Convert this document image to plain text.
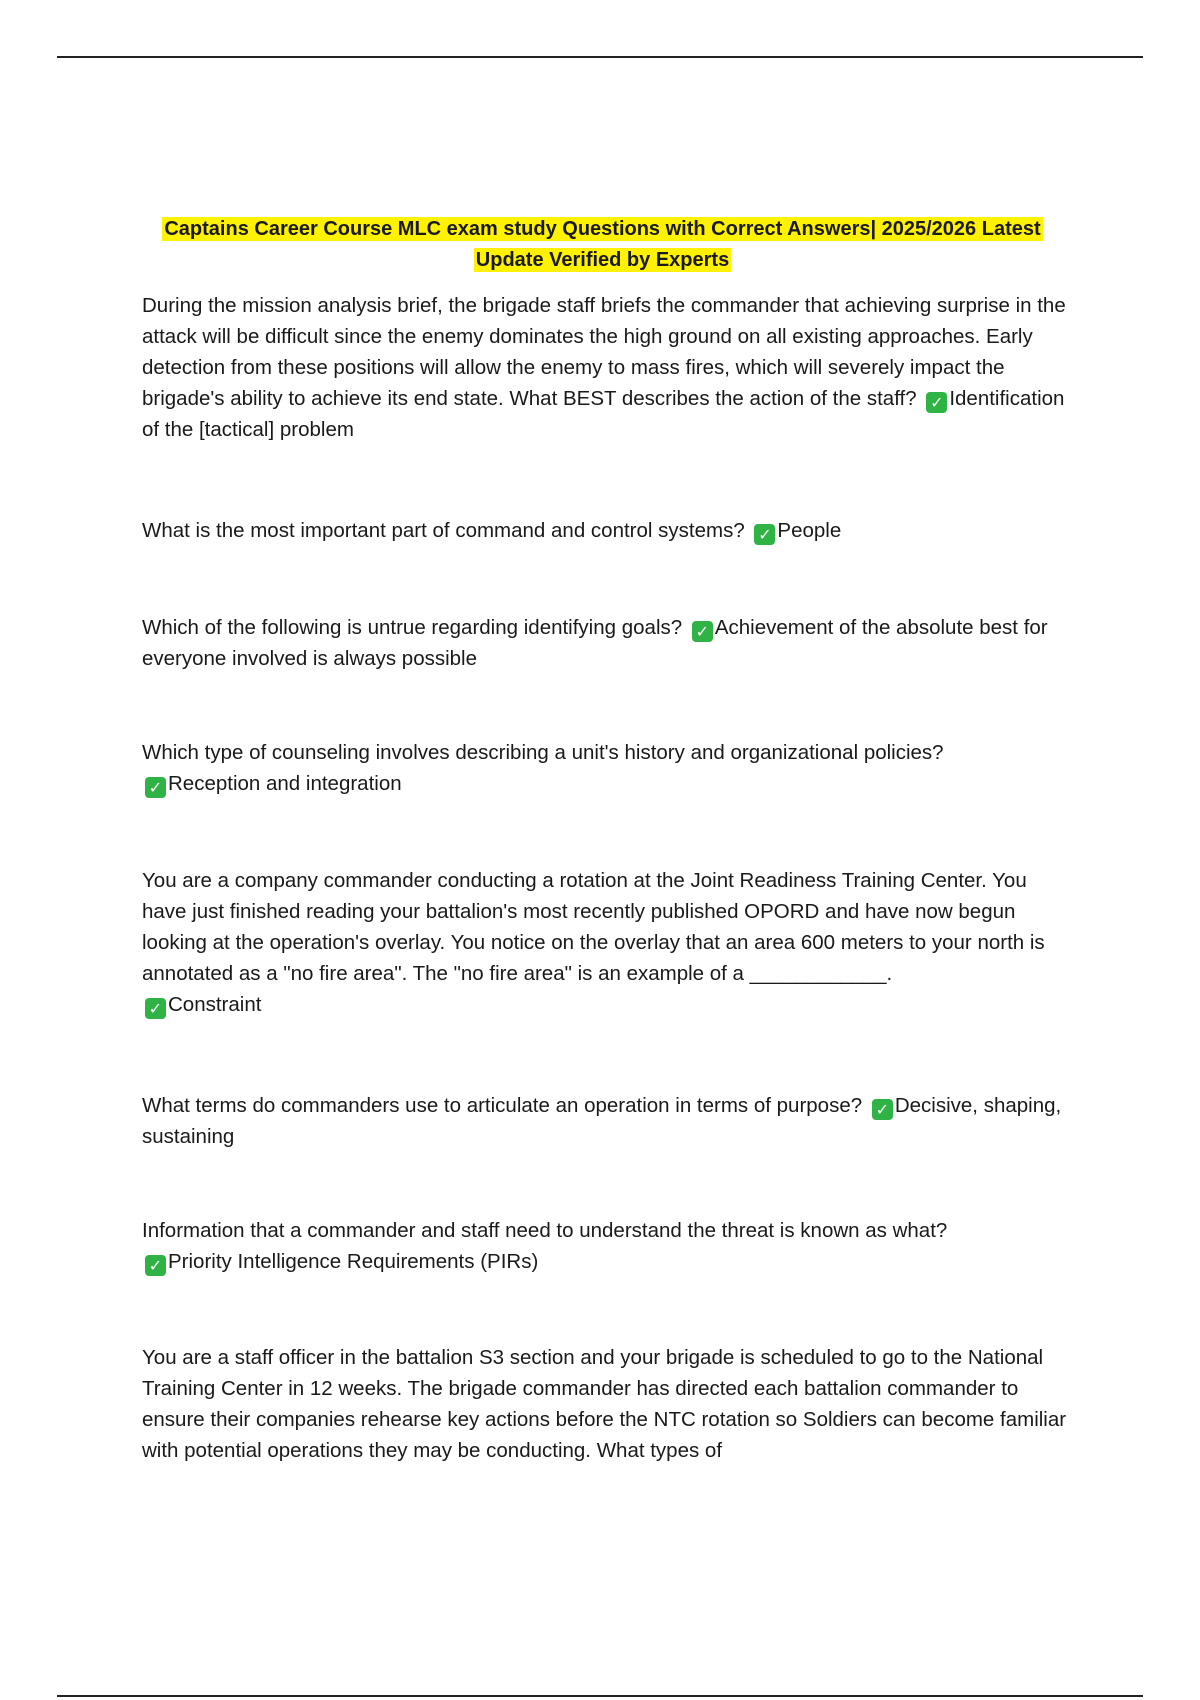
Captains Career Course MLC exam study Questions with Correct Answers| 2025/2026 Latest
Update Verified by Experts
During the mission analysis brief, the brigade staff briefs the commander that achieving surprise in the attack will be difficult since the enemy dominates the high ground on all existing approaches. Early detection from these positions will allow the enemy to mass fires, which will severely impact the brigade's ability to achieve its end state. What BEST describes the action of the staff? ✓ Identification of the [tactical] problem
What is the most important part of command and control systems? ✓ People
Which of the following is untrue regarding identifying goals? ✓ Achievement of the absolute best for everyone involved is always possible
Which type of counseling involves describing a unit's history and organizational policies?
✓ Reception and integration
You are a company commander conducting a rotation at the Joint Readiness Training Center. You have just finished reading your battalion's most recently published OPORD and have now begun looking at the operation's overlay. You notice on the overlay that an area 600 meters to your north is annotated as a "no fire area". The "no fire area" is an example of a ____________.
✓ Constraint
What terms do commanders use to articulate an operation in terms of purpose? ✓ Decisive, shaping, sustaining
Information that a commander and staff need to understand the threat is known as what?
✓ Priority Intelligence Requirements (PIRs)
You are a staff officer in the battalion S3 section and your brigade is scheduled to go to the National Training Center in 12 weeks. The brigade commander has directed each battalion commander to ensure their companies rehearse key actions before the NTC rotation so Soldiers can become familiar with potential operations they may be conducting. What types of
